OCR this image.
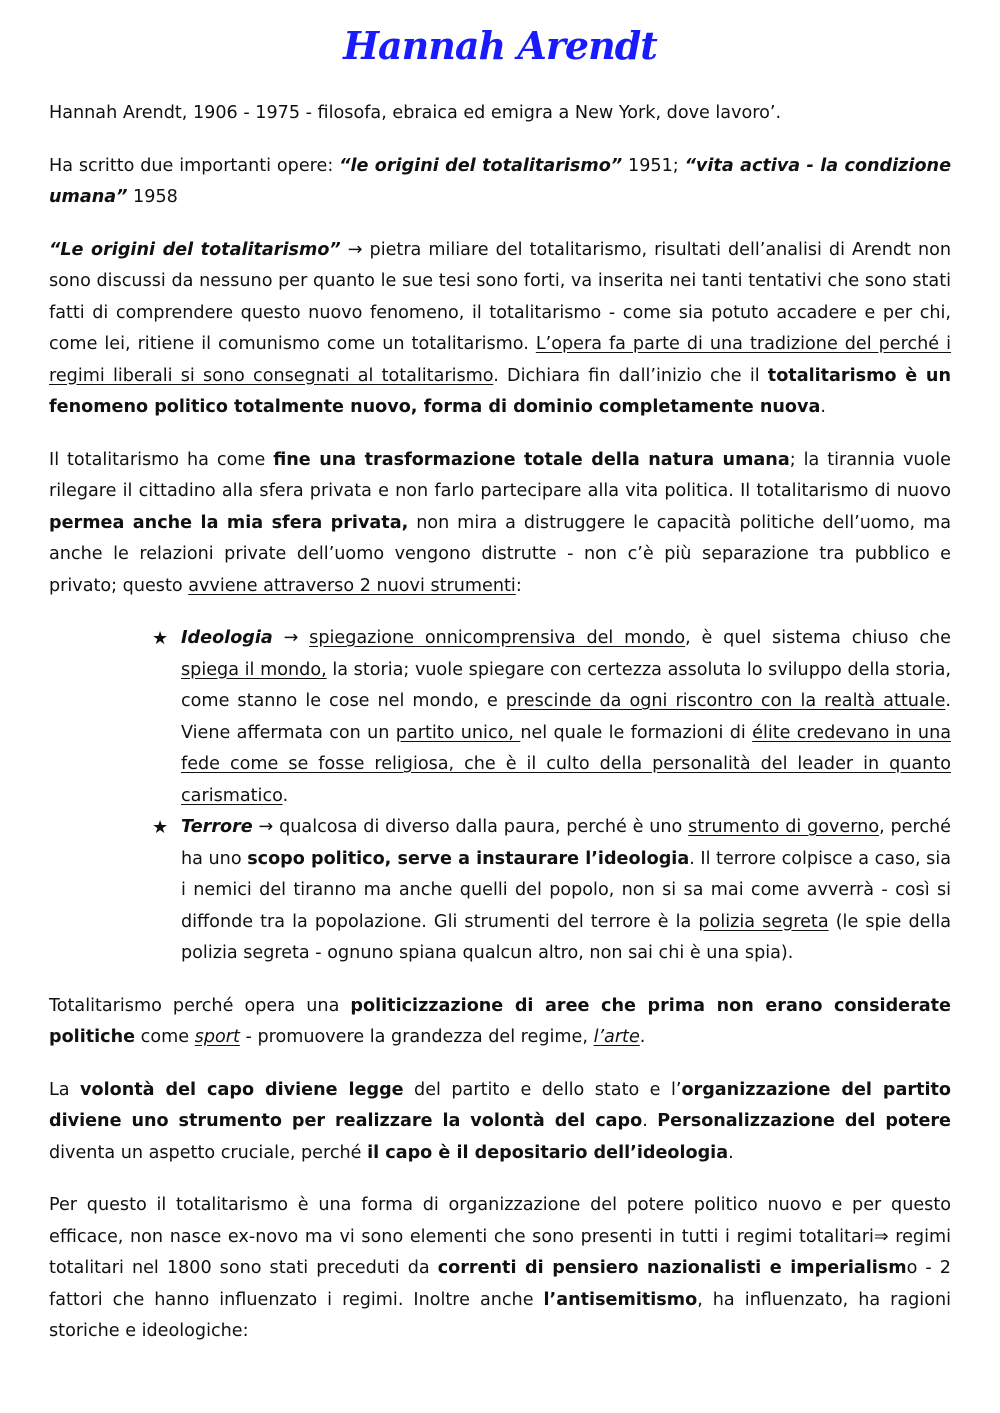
Hannah Arendt

Hannah Arendt, 1906 - 1975 - filosofa, ebraica ed emigra a New York, dove lavoro’.

Ha scritto due importanti opere: “le origini del totalitarismo” 1951; “vita activa - la condizione umana” 1958

“Le origini del totalitarismo” → pietra miliare del totalitarismo, risultati dell’analisi di Arendt non sono discussi da nessuno per quanto le sue tesi sono forti, va inserita nei tanti tentativi che sono stati fatti di comprendere questo nuovo fenomeno, il totalitarismo - come sia potuto accadere e per chi, come lei, ritiene il comunismo come un totalitarismo. L’opera fa parte di una tradizione del perché i regimi liberali si sono consegnati al totalitarismo. Dichiara fin dall’inizio che il totalitarismo è un fenomeno politico totalmente nuovo, forma di dominio completamente nuova.

Il totalitarismo ha come fine una trasformazione totale della natura umana; la tirannia vuole rilegare il cittadino alla sfera privata e non farlo partecipare alla vita politica. Il totalitarismo di nuovo permea anche la mia sfera privata, non mira a distruggere le capacità politiche dell’uomo, ma anche le relazioni private dell’uomo vengono distrutte - non c’è più separazione tra pubblico e privato; questo avviene attraverso 2 nuovi strumenti:

★ Ideologia → spiegazione onnicomprensiva del mondo, è quel sistema chiuso che spiega il mondo, la storia; vuole spiegare con certezza assoluta lo sviluppo della storia, come stanno le cose nel mondo, e prescinde da ogni riscontro con la realtà attuale. Viene affermata con un partito unico, nel quale le formazioni di élite credevano in una fede come se fosse religiosa, che è il culto della personalità del leader in quanto carismatico.
★ Terrore → qualcosa di diverso dalla paura, perché è uno strumento di governo, perché ha uno scopo politico, serve a instaurare l’ideologia. Il terrore colpisce a caso, sia i nemici del tiranno ma anche quelli del popolo, non si sa mai come avverrà - così si diffonde tra la popolazione. Gli strumenti del terrore è la polizia segreta (le spie della polizia segreta - ognuno spiana qualcun altro, non sai chi è una spia).

Totalitarismo perché opera una politicizzazione di aree che prima non erano considerate politiche come sport - promuovere la grandezza del regime, l’arte.

La volontà del capo diviene legge del partito e dello stato e l’organizzazione del partito diviene uno strumento per realizzare la volontà del capo. Personalizzazione del potere diventa un aspetto cruciale, perché il capo è il depositario dell’ideologia.

Per questo il totalitarismo è una forma di organizzazione del potere politico nuovo e per questo efficace, non nasce ex-novo ma vi sono elementi che sono presenti in tutti i regimi totalitari⇒ regimi totalitari nel 1800 sono stati preceduti da correnti di pensiero nazionalisti e imperialismo - 2 fattori che hanno influenzato i regimi. Inoltre anche l’antisemitismo, ha influenzato, ha ragioni storiche e ideologiche:
